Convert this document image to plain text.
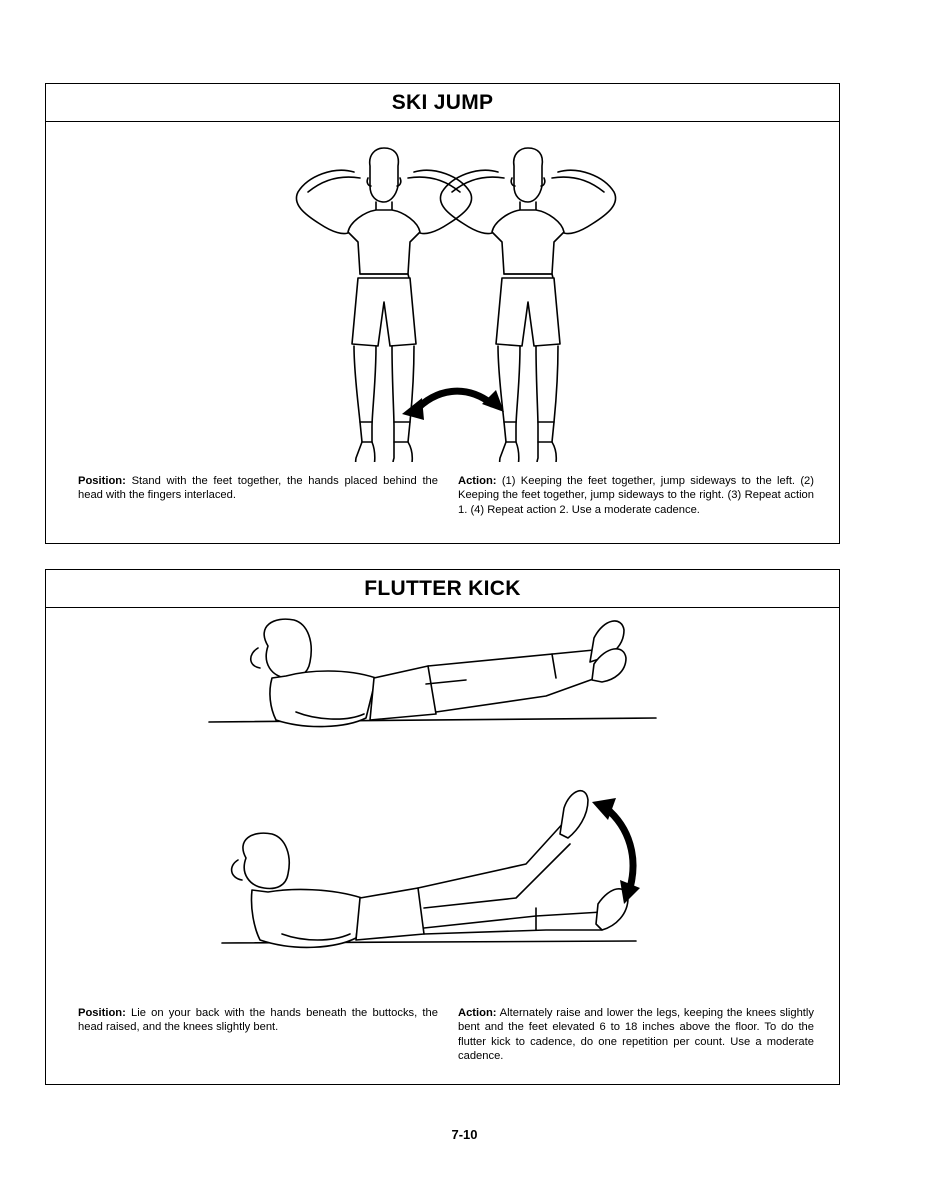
SKI JUMP
Position: Stand with the feet together, the hands placed behind the head with the fingers interlaced.
Action: (1) Keeping the feet together, jump sideways to the left. (2) Keeping the feet together, jump sideways to the right. (3) Repeat action 1. (4) Repeat action 2. Use a moderate cadence.
FLUTTER KICK
Position: Lie on your back with the hands beneath the buttocks, the head raised, and the knees slightly bent.
Action: Alternately raise and lower the legs, keeping the knees slightly bent and the feet elevated 6 to 18 inches above the floor. To do the flutter kick to cadence, do one repetition per count. Use a moderate cadence.
7-10
